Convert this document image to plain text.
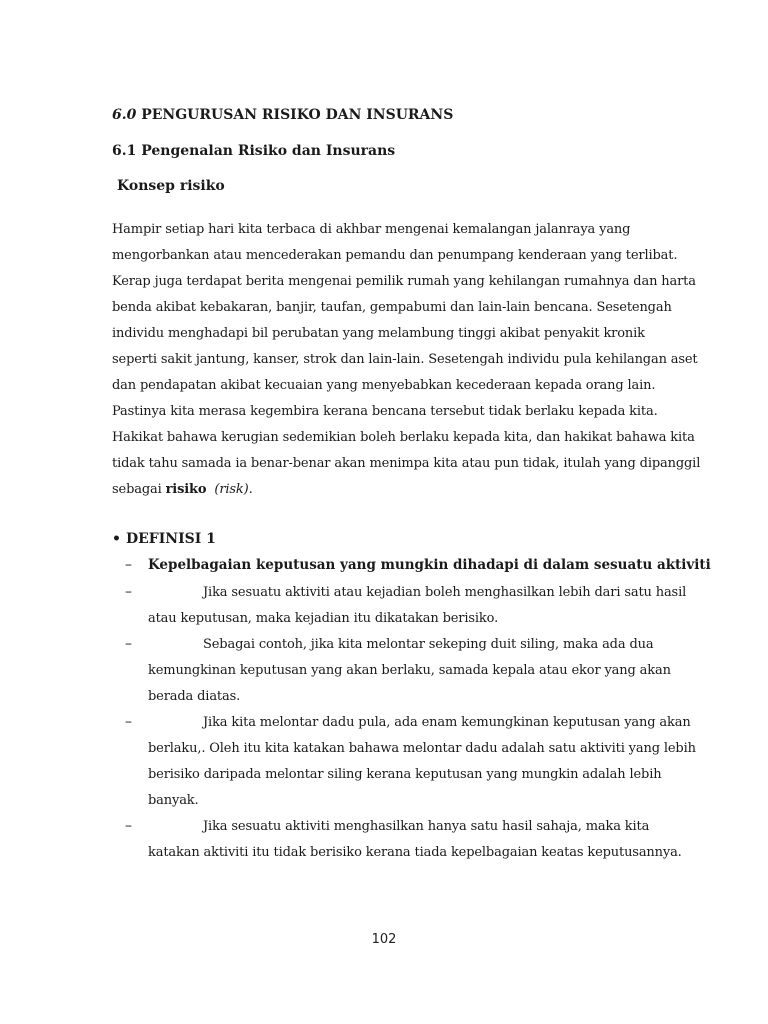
6.0 PENGURUSAN RISIKO DAN INSURANS
6.1 Pengenalan Risiko dan Insurans
Konsep risiko
Hampir setiap hari kita terbaca di akhbar mengenai kemalangan jalanraya yang
mengorbankan atau mencederakan pemandu dan penumpang kenderaan yang terlibat.
Kerap juga terdapat berita mengenai pemilik rumah yang kehilangan rumahnya dan harta
benda akibat kebakaran, banjir, taufan, gempabumi dan lain-lain bencana. Sesetengah
individu menghadapi bil perubatan yang melambung tinggi akibat penyakit kronik
seperti sakit jantung, kanser, strok dan lain-lain. Sesetengah individu pula kehilangan aset
dan pendapatan akibat kecuaian yang menyebabkan kecederaan kepada orang lain.
Pastinya kita merasa kegembira kerana bencana tersebut tidak berlaku kepada kita.
Hakikat bahawa kerugian sedemikian boleh berlaku kepada kita, dan hakikat bahawa kita
tidak tahu samada ia benar-benar akan menimpa kita atau pun tidak, itulah yang dipanggil
sebagai risiko (risk).
• DEFINISI 1
– Kepelbagaian keputusan yang mungkin dihadapi di dalam sesuatu aktiviti
–	Jika sesuatu aktiviti atau kejadian boleh menghasilkan lebih dari satu hasil
atau keputusan, maka kejadian itu dikatakan berisiko.
–	Sebagai contoh, jika kita melontar sekeping duit siling, maka ada dua
kemungkinan keputusan yang akan berlaku, samada kepala atau ekor yang akan
berada diatas.
–	Jika kita melontar dadu pula, ada enam kemungkinan keputusan yang akan
berlaku,. Oleh itu kita katakan bahawa melontar dadu adalah satu aktiviti yang lebih
berisiko daripada melontar siling kerana keputusan yang mungkin adalah lebih
banyak.
–	Jika sesuatu aktiviti menghasilkan hanya satu hasil sahaja, maka kita
katakan aktiviti itu tidak berisiko kerana tiada kepelbagaian keatas keputusannya.
102
